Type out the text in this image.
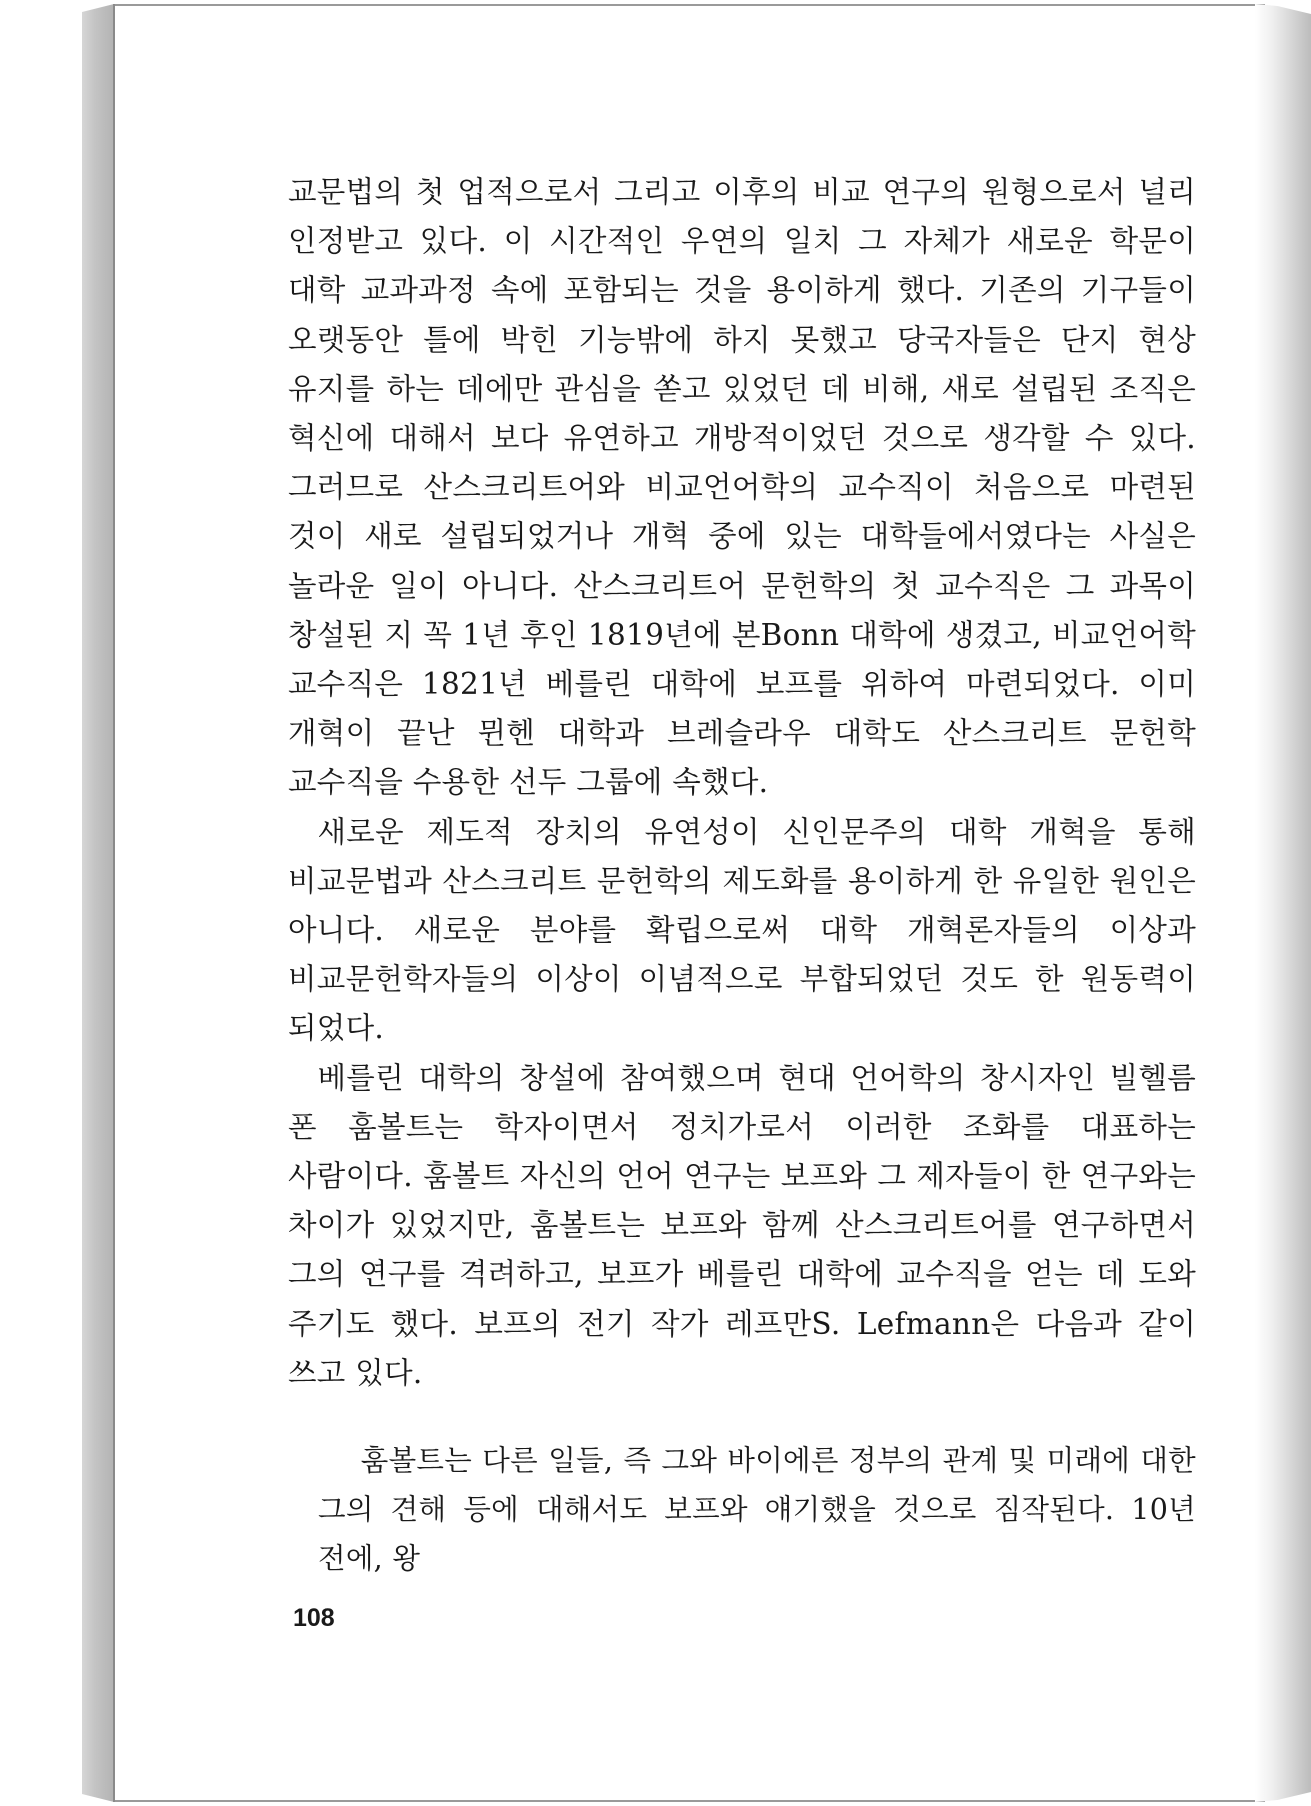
교문법의 첫 업적으로서 그리고 이후의 비교 연구의 원형으로서 널리 인정받고 있다. 이 시간적인 우연의 일치 그 자체가 새로운 학문이 대학 교과과정 속에 포함되는 것을 용이하게 했다. 기존의 기구들이 오랫동안 틀에 박힌 기능밖에 하지 못했고 당국자들은 단지 현상 유지를 하는 데에만 관심을 쏟고 있었던 데 비해, 새로 설립된 조직은 혁신에 대해서 보다 유연하고 개방적이었던 것으로 생각할 수 있다. 그러므로 산스크리트어와 비교언어학의 교수직이 처음으로 마련된 것이 새로 설립되었거나 개혁 중에 있는 대학들에서였다는 사실은 놀라운 일이 아니다. 산스크리트어 문헌학의 첫 교수직은 그 과목이 창설된 지 꼭 1년 후인 1819년에 본Bonn 대학에 생겼고, 비교언어학 교수직은 1821년 베를린 대학에 보프를 위하여 마련되었다. 이미 개혁이 끝난 뮌헨 대학과 브레슬라우 대학도 산스크리트 문헌학 교수직을 수용한 선두 그룹에 속했다.

새로운 제도적 장치의 유연성이 신인문주의 대학 개혁을 통해 비교문법과 산스크리트 문헌학의 제도화를 용이하게 한 유일한 원인은 아니다. 새로운 분야를 확립으로써 대학 개혁론자들의 이상과 비교문헌학자들의 이상이 이념적으로 부합되었던 것도 한 원동력이 되었다.

베를린 대학의 창설에 참여했으며 현대 언어학의 창시자인 빌헬름 폰 훔볼트는 학자이면서 정치가로서 이러한 조화를 대표하는 사람이다. 훔볼트 자신의 언어 연구는 보프와 그 제자들이 한 연구와는 차이가 있었지만, 훔볼트는 보프와 함께 산스크리트어를 연구하면서 그의 연구를 격려하고, 보프가 베를린 대학에 교수직을 얻는 데 도와 주기도 했다. 보프의 전기 작가 레프만S. Lefmann은 다음과 같이 쓰고 있다.

훔볼트는 다른 일들, 즉 그와 바이에른 정부의 관계 및 미래에 대한 그의 견해 등에 대해서도 보프와 얘기했을 것으로 짐작된다. 10년 전에, 왕

108
